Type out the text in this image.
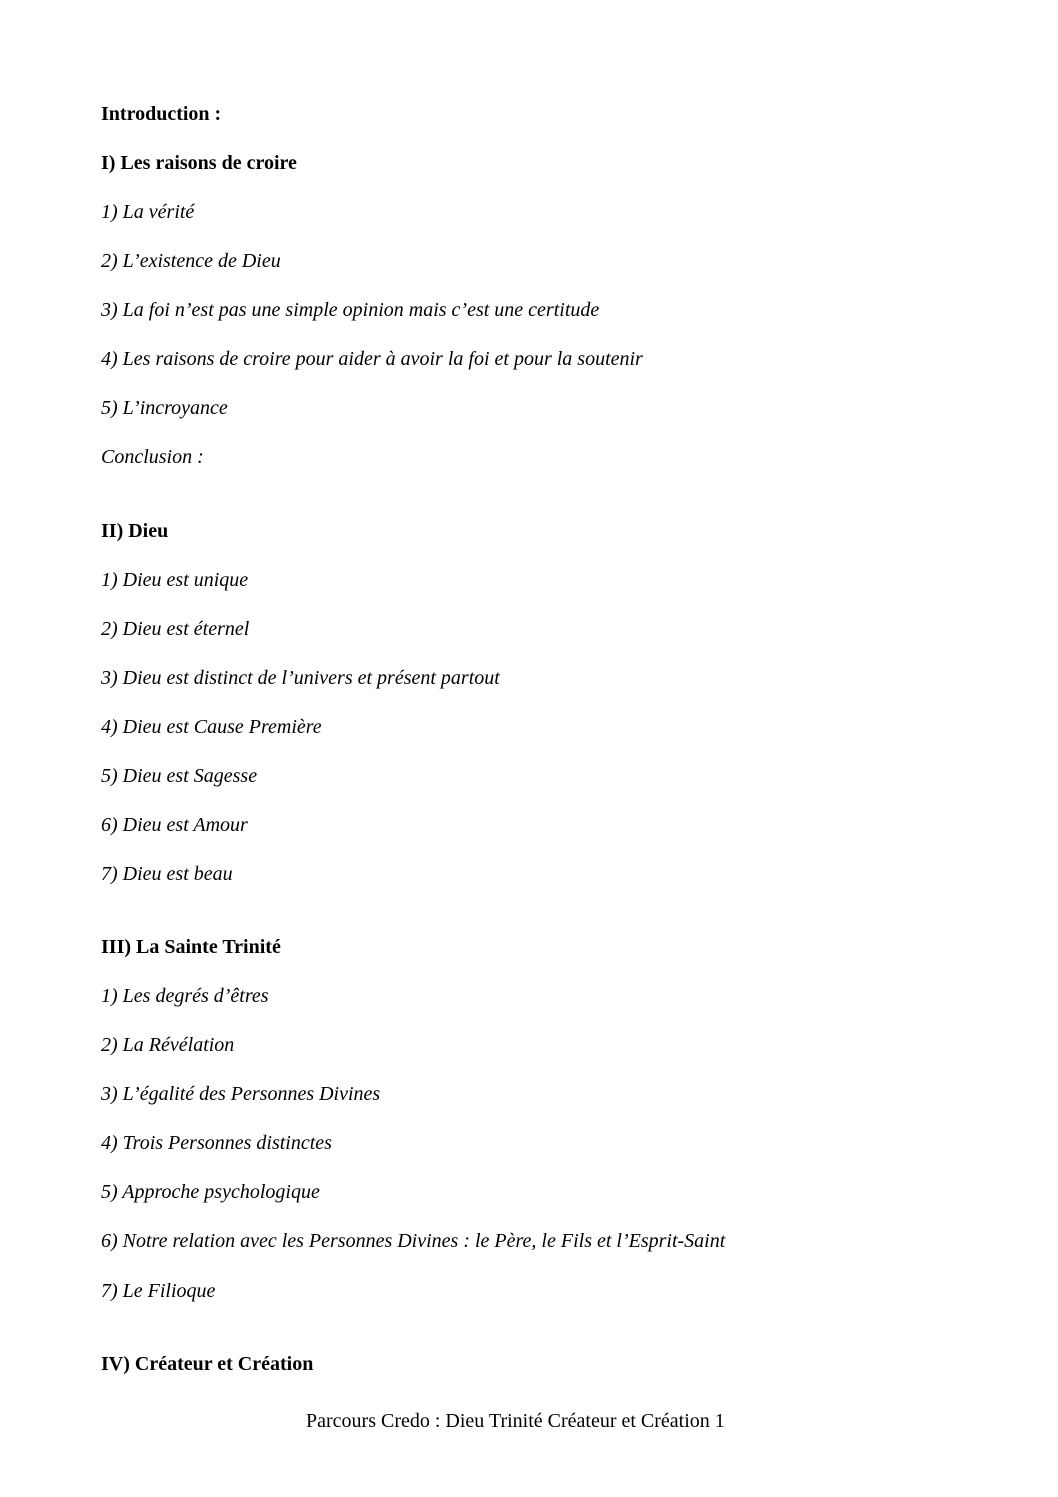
Introduction :
I) Les raisons de croire
1) La vérité
2) L’existence de Dieu
3) La foi n’est pas une simple opinion mais c’est une certitude
4) Les raisons de croire pour aider à avoir la foi et pour la soutenir
5) L’incroyance
Conclusion :
II) Dieu
1) Dieu est unique
2) Dieu est éternel
3) Dieu est distinct de l’univers et présent partout
4) Dieu est Cause Première
5) Dieu est Sagesse
6) Dieu est Amour
7) Dieu est beau
III) La Sainte Trinité
1) Les degrés d’êtres
2) La Révélation
3) L’égalité des Personnes Divines
4) Trois Personnes distinctes
5) Approche psychologique
6) Notre relation avec les Personnes Divines : le Père, le Fils et l’Esprit-Saint
7) Le Filioque
IV) Créateur et Création
Parcours Credo : Dieu Trinité Créateur et Création 1
